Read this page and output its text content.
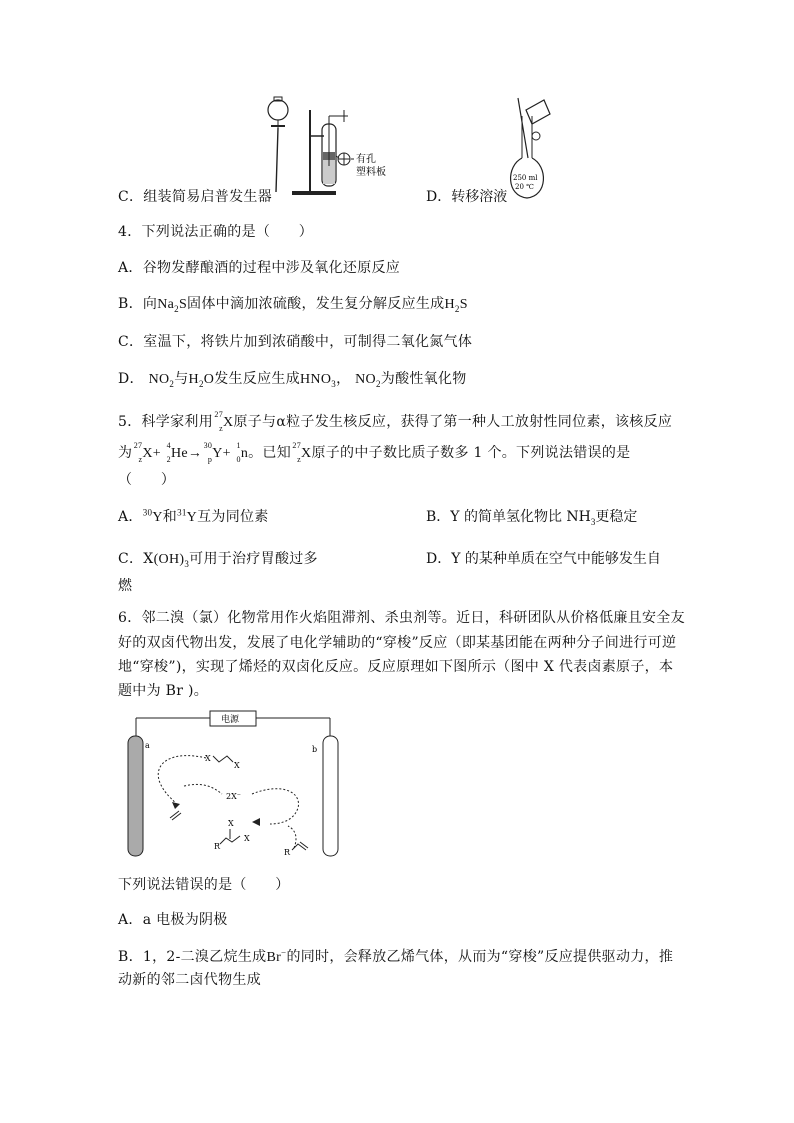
有孔
塑料板	250 ml
20 ℃
C．组装简易启普发生器	D．转移溶液
4．下列说法正确的是（　　）
A．谷物发酵酿酒的过程中涉及氧化还原反应
B．向$Na_2S$固体中滴加浓硫酸，发生复分解反应生成$H_2S$
C．室温下，将铁片加到浓硝酸中，可制得二氧化氮气体
D． $NO_2$与$H_2O$发生反应生成$HNO_3$， $NO_2$为酸性氧化物
5．科学家利用 27
z X原子与α粒子发生核反应，获得了第一种人工放射性同位素，该核反应
为 27
z X+
4
2 He→
30
p Y+
1
0 n。已知 27
z X原子的中子数比质子数多 1 个。下列说法错误的是
（　　）
A．$^{30}$Y和$^{31}$Y互为同位素	B．Y 的简单氢化物比 $NH_3$更稳定
C．$X(OH)_3$可用于治疗胃酸过多	D．Y 的某种单质在空气中能够发生自
燃
6．邻二溴（氯）化物常用作火焰阻滞剂、杀虫剂等。近日，科研团队从价格低廉且安全友
好的双卤代物出发，发展了电化学辅助的“穿梭”反应（即某基团能在两种分子间进行可逆
地“穿梭”)，实现了烯烃的双卤化反应。反应原理如下图所示（图中 X 代表卤素原子，本
题中为 Br )。
电源
a	b
X
X
2X⁻
X
R
X
R
下列说法错误的是（　　）
A．a 电极为阴极
B．1，2-二溴乙烷生成Br−的同时，会释放乙烯气体，从而为“穿梭”反应提供驱动力，推
动新的邻二卤代物生成
